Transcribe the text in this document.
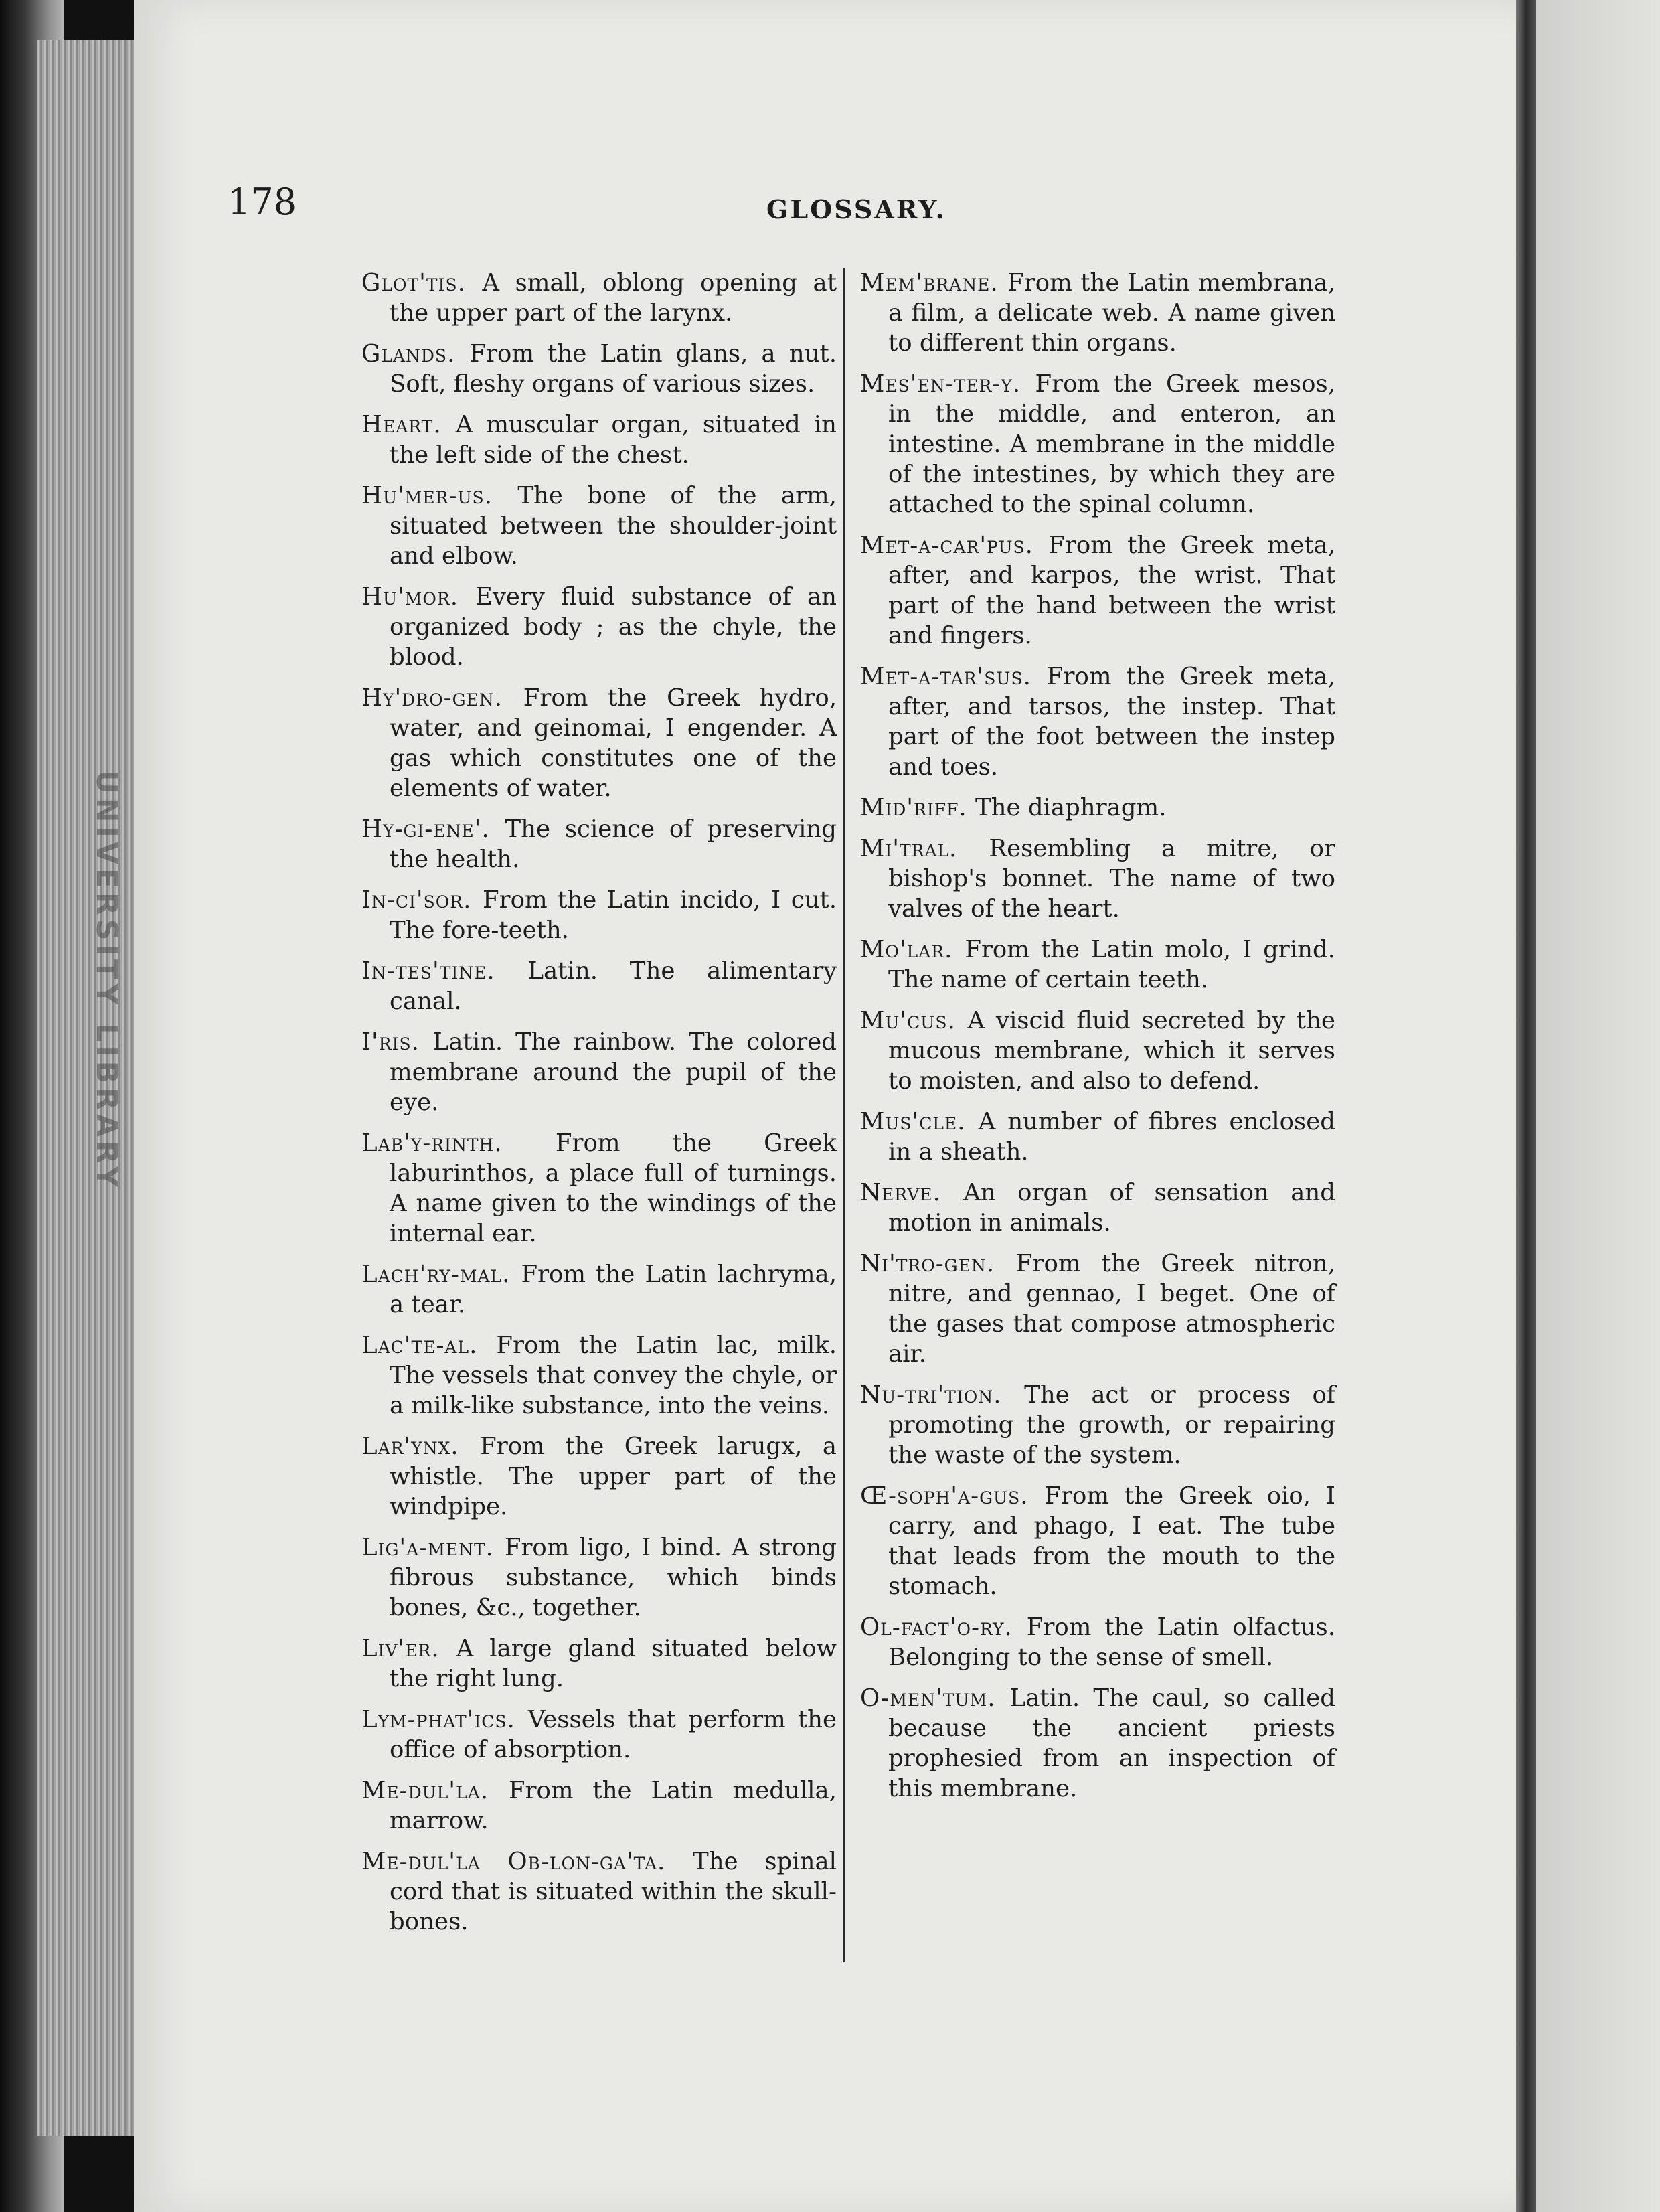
UNIVERSITY LIBRARY
178	GLOSSARY.

Glot'tis . A small, oblong opening at the upper part of the larynx.

Glands . From the Latin glans, a nut. Soft, fleshy organs of various sizes.

Heart . A muscular organ, situated in the left side of the chest.

Hu'mer-us . The bone of the arm, situated between the shoulder-joint and elbow.

Hu'mor . Every fluid substance of an organized body ; as the chyle, the blood.

Hy'dro-gen . From the Greek hydro, water, and geinomai, I engender. A gas which constitutes one of the elements of water.

Hy-gi-ene' . The science of preserving the health.

In-ci'sor . From the Latin incido, I cut. The fore-teeth.

In-tes'tine . Latin. The alimentary canal.

I'ris . Latin. The rainbow. The colored membrane around the pupil of the eye.

Lab'y-rinth .	From the Greek laburinthos, a place full of turnings. A name given to the windings of the internal ear.

Lach'ry-mal . From the Latin lachryma, a tear.

Lac'te-al . From the Latin lac, milk. The vessels that convey the chyle, or a milk-like substance, into the veins.

Lar'ynx . From the Greek larugx, a whistle. The upper part of the windpipe.

Lig'a-ment . From ligo, I bind. A strong fibrous substance, which binds bones, &c., together.

Liv'er . A large gland situated below the right lung.

Lym-phat'ics . Vessels that perform the office of absorption.

Me-dul'la . From the Latin medulla, marrow.

Me-dul'la Ob-lon-ga'ta . The spinal cord that is situated within the skull-bones.

Mem'brane . From the Latin membrana, a film, a delicate web. A name given to different thin organs.

Mes'en-ter-y . From the Greek mesos, in the middle, and enteron, an intestine. A membrane in the middle of the intestines, by which they are attached to the spinal column.

Met-a-car'pus . From the Greek meta, after, and karpos, the wrist. That part of the hand between the wrist and fingers.

Met-a-tar'sus . From the Greek meta, after, and tarsos, the instep. That part of the foot between the instep and toes.

Mid'riff . The diaphragm.

Mi'tral . Resembling a mitre, or bishop's bonnet. The name of two valves of the heart.

Mo'lar . From the Latin molo, I grind. The name of certain teeth.

Mu'cus . A viscid fluid secreted by the mucous membrane, which it serves to moisten, and also to defend.

Mus'cle . A number of fibres enclosed in a sheath.

Nerve . An organ of sensation and motion in animals.

Ni'tro-gen . From the Greek nitron, nitre, and gennao, I beget. One of the gases that compose atmospheric air.

Nu-tri'tion . The act or process of promoting the growth, or repairing the waste of the system.

Œ-soph'a-gus . From the Greek oio, I carry, and phago, I eat. The tube that leads from the mouth to the stomach.

Ol-fact'o-ry . From the Latin olfactus. Belonging to the sense of smell.

O-men'tum . Latin. The caul, so called because the ancient priests prophesied from an inspection of this membrane.
